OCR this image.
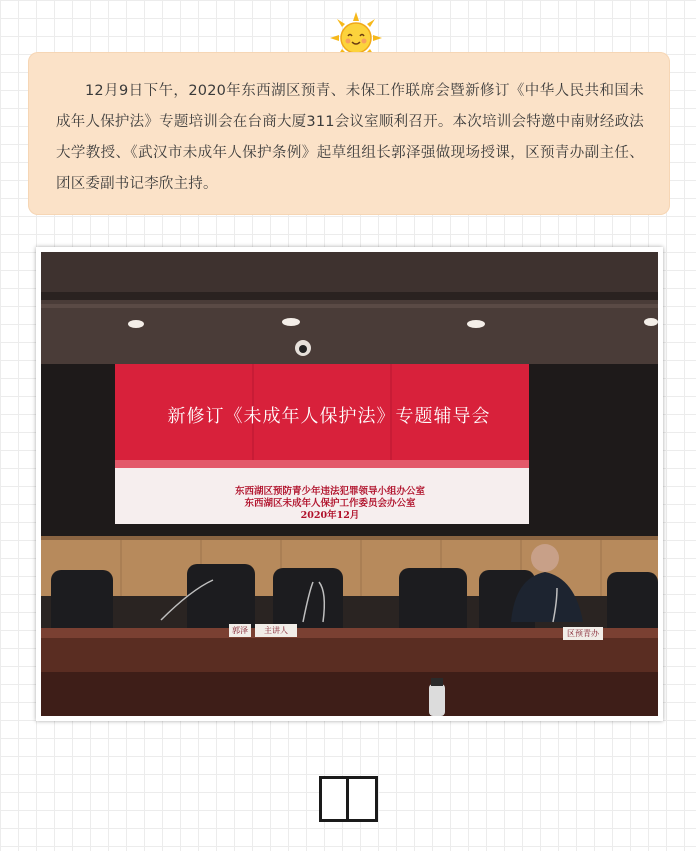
12月9日下午，2020年东西湖区预青、未保工作联席会暨新修订《中华人民共和国未成年人保护法》专题培训会在台商大厦311会议室顺利召开。本次培训会特邀中南财经政法大学教授、《武汉市未成年人保护条例》起草组组长郭泽强做现场授课，区预青办副主任、团区委副书记李欣主持。

新修订《未成年人保护法》专题辅导会
东西湖区预防青少年违法犯罪领导小组办公室
东西湖区未成年人保护工作委员会办公室
2020年12月
郭泽	主讲人	区预青办
